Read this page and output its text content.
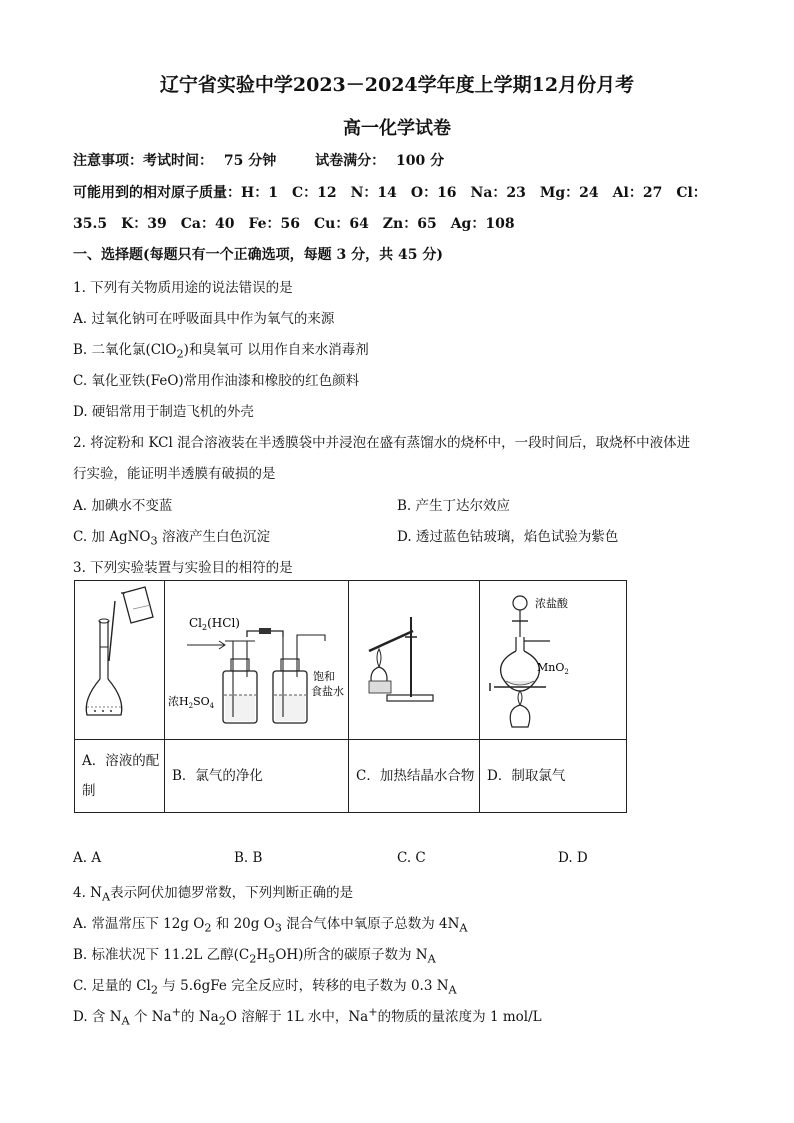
辽宁省实验中学2023－2024学年度上学期12月份月考
高一化学试卷
注意事项：考试时间： 75 分钟	试卷满分： 100 分
可能用到的相对原子质量：H：1　C：12　N：14　O：16　Na：23　Mg：24　Al：27　Cl：
35.5　K：39　Ca：40　Fe：56　Cu：64　Zn：65　Ag：108
一、选择题(每题只有一个正确选项，每题 3 分，共 45 分)
1. 下列有关物质用途的说法错误的是
A. 过氧化钠可在呼吸面具中作为氧气的来源
B. 二氧化氯(ClO$_2$)和臭氧可 以用作自来水消毒剂
C. 氧化亚铁(FeO)常用作油漆和橡胶的红色颜料
D. 硬铝常用于制造飞机的外壳
2. 将淀粉和 KCl 混合溶液装在半透膜袋中并浸泡在盛有蒸馏水的烧杯中，一段时间后，取烧杯中液体进
行实验，能证明半透膜有破损的是
A. 加碘水不变蓝	B. 产生丁达尔效应
C. 加 AgNO$_3$ 溶液产生白色沉淀	D. 透过蓝色钴玻璃，焰色试验为紫色
3. 下列实验装置与实验目的相符的是

$Cl_2(HCl)$
浓$H_2SO_4$
饱和
食盐水		浓盐酸
MnO$_2$

A．溶液的配制	B．氯气的净化	C．加热结晶水合物	D．制取氯气
A. A	B. B	C. C	D. D
4. $N_A$表示阿伏加德罗常数，下列判断正确的是
A. 常温常压下 12g $O_2$ 和 20g $O_3$ 混合气体中氧原子总数为 $4N_A$
B. 标准状况下 11.2L 乙醇$(C_2H_5OH)$所含的碳原子数为 $N_A$
C. 足量的 $Cl_2$ 与 5.6gFe 完全反应时，转移的电子数为 0.3 $N_A$
D. 含 $N_A$ 个 Na+的 $Na_2O$ 溶解于 1L 水中，Na+的物质的量浓度为 1 mol/L
